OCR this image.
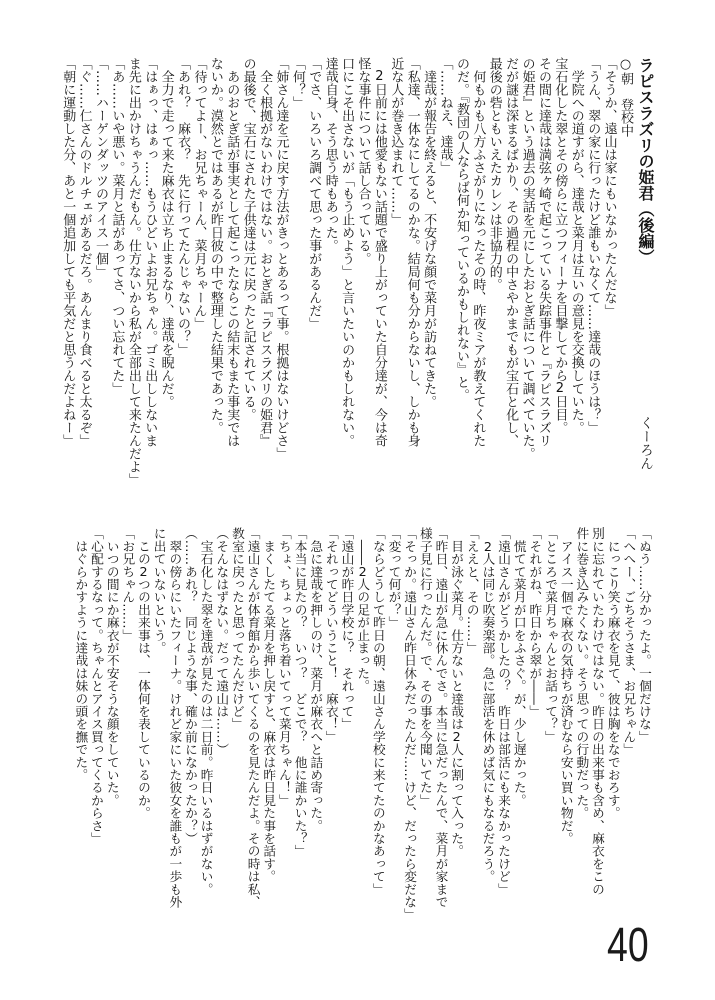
ラピスラズリの姫君（後編）
くーろん
○朝　登校中
「そうか、遠山は家にもいなかったんだな」
「うん、翠の家に行ったけど誰もいなくて……達哉のほうは？」
　学院への道すがら、達哉と菜月は互いの意見を交換していた。
宝石化した翠とその傍らに立つフィーナを目撃してから2日目。
その間に達哉は満弦ヶ崎で起こっている失踪事件と『ラピスラズリ
の姫君』という過去の実話を元にしたおとぎ話について調べていた。
だが謎は深まるばかり、その過程の中さやかまでもが宝石と化し、
最後の砦ともいえたカレンは非協力的。
　何もかも八方ふさがりになったその時、昨夜ミアが教えてくれた
のだ。『教団の人ならば何か知っているかもしれない』と。
「……ねえ、達哉」
　達哉が報告を終えると、不安げな顔で菜月が訪ねてきた。
「私達、一体なにしてるのかな。結局何も分からないし、しかも身
近な人が巻き込まれて……」
　2日前には他愛もない話題で盛り上がっていた自分達が、今は奇
怪な事件について話し合っている。
口にこそ出さないが「もう止めよう」と言いたいのかもしれない。
達哉自身、そう思う時もあった。
「でさ、いろいろ調べて思った事があるんだ」
「何？」
「姉さん達を元に戻す方法がきっとあるって事。根拠はないけどさ」
　全く根拠がないわけではない。おとぎ話『ラピスラズリの姫君』
の最後で、宝石にされた子供達は元に戻ったと記されている。
　あのおとぎ話が事実として起こったならこの結末もまた事実では
ないか。漠然とではあるが昨日彼の中で整理した結果であった。
「待ってよー、お兄ちゃーん、菜月ちゃーん」
「あれ？　麻衣？　先に行ってたんじゃないの？」
　全力で走って来た麻衣は立ち止まるなり、達哉を睨んだ。
「はぁっ、はぁっ……もうひどいよお兄ちゃん。ゴミ出ししないま
ま先に出かけちゃうんだもん。仕方ないから私が全部出して来たんだよ」
「あ……いや悪い。菜月と話があってさ、つい忘れてた」
「……ハーゲンダッツのアイス一個」
「ぐ……仁さんのドルチェがあるだろ。あんまり食べると太るぞ」
「朝に運動した分、あと一個追加しても平気だと思うんだよねー」
「ぬう……分かったよ。一個だけな」
「へへー、ごちそうさま、お兄ちゃん」
　にっこり笑う麻衣を見て、彼は胸をなでおろす。
別に忘れていたわけではない。昨日の出来事も含め、麻衣をこの
件に巻き込みたくない。そう思っての行動だった。
　アイス一個で麻衣の気持ちが済むなら安い買い物だ。
「ところで菜月ちゃんとお話って？」
「それがね、昨日から翠が――」
　慌てて菜月が口をふさぐ。が、少し遅かった。
「遠山さんがどうかしたの？　昨日は部活にも来なかったけど」
　2人は同じ吹奏楽部。急に部活を休めば気にもなるだろう。
「ええと、その……」
　目が泳ぐ菜月。仕方ないと達哉は2人に割って入った。
「昨日、遠山が急に休んでさ。本当に急だったんで、菜月が家まで
様子見に行ったんだ。で、その事を今聞いてた」
「そっか。遠山さん昨日休みだったんだ……けど、だったら変だな」
「変って何が？」
「ならどうして昨日の朝、遠山さん学校に来てたのかなあって」
　――2人の足が止まった。
「遠山が昨日学校に？　それって」
「それってどういうこと！　麻衣！」
　急に達哉を押しのけ、菜月が麻衣へと詰め寄った。
「本当に見たの？　いつ？　どこで？　他に誰かいた？」
「ちょ、ちょっと落ち着いてって菜月ちゃん！」
　まくしたてる菜月を押し戻すと、麻衣は昨日見た事を話す。
「遠山さんが体育館から歩いてくるのを見たんだよ。その時は私、
教室に戻ったと思ってたんだけど」
（そんなはずない。だって遠山は……）
　宝石化した翠を達哉が見たのは二日前。昨日いるはずがない。
（……あれ？　同じような事、確か前になかったか？）
　翠の傍らにいたフィーナ。けれど家にいた彼女を誰もが一歩も外
に出ていないという。
　この2つの出来事は、一体何を表しているのか。
「お兄ちゃん……」
　いつの間にか麻衣が不安そうな顔をしていた。
「心配するなって。ちゃんとアイス買ってくるからさ」
　はぐらかすように達哉は妹の頭を撫でた。
40
